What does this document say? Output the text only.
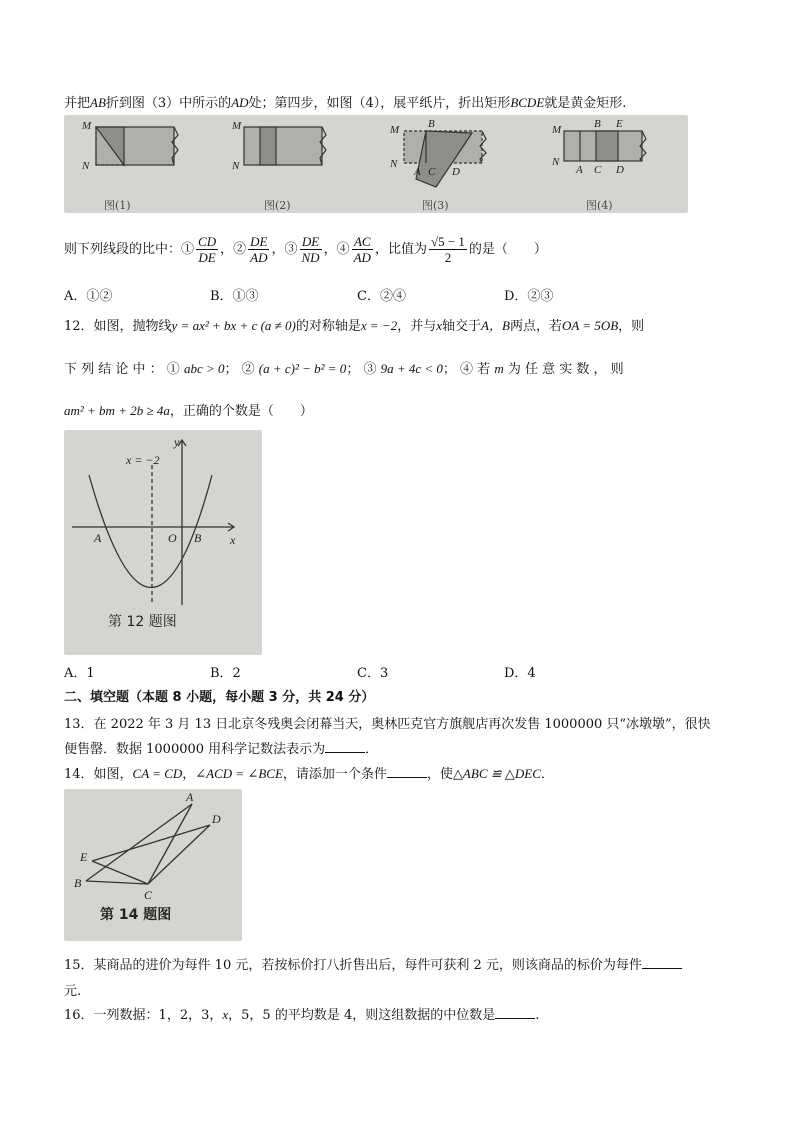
并把AB折到图（3）中所示的AD处；第四步，如图（4），展平纸片，折出矩形BCDE就是黄金矩形.
M
N
图(1)
M
N
图(2)
M
N
B
A C D
图(3)
M
N
B E
A C D
图(4)
则下列线段的比中：① $\frac{CD}{DE}$ ，② $\frac{DE}{AD}$ ，③ $\frac{DE}{ND}$ ，④ $\frac{AC}{AD}$ ，比值为 $\frac{√5 - 1}{2}$ 的是（　　）
A．①②	B．①③	C．②④	D．②③
12．如图，抛物线y = ax² + bx + c (a ≠ 0)的对称轴是x = −2，并与x轴交于A，B两点，若OA = 5OB，则
下 列 结 论 中 ： ① abc > 0； ② (a + c)² − b² = 0； ③ 9a + 4c < 0； ④ 若 m 为 任 意 实 数 ， 则
am² + bm + 2b ≥ 4a，正确的个数是（　　）
x = −2
y
x
A	O B
第 12 题图
A．1	B．2	C．3	D．4
二、填空题（本题 8 小题，每小题 3 分，共 24 分）
13．在 2022 年 3 月 13 日北京冬残奥会闭幕当天，奥林匹克官方旗舰店再次发售 1000000 只“冰墩墩”，很快
便售罄．数据 1000000 用科学记数法表示为	．
14．如图，CA = CD，∠ACD = ∠BCE，请添加一个条件	，使△ABC ≌ △DEC．
A
D
E
B
C
第 14 题图
15．某商品的进价为每件 10 元，若按标价打八折售出后，每件可获利 2 元，则该商品的标价为每件
元.
16．一列数据：1，2，3，x，5，5 的平均数是 4，则这组数据的中位数是	.
